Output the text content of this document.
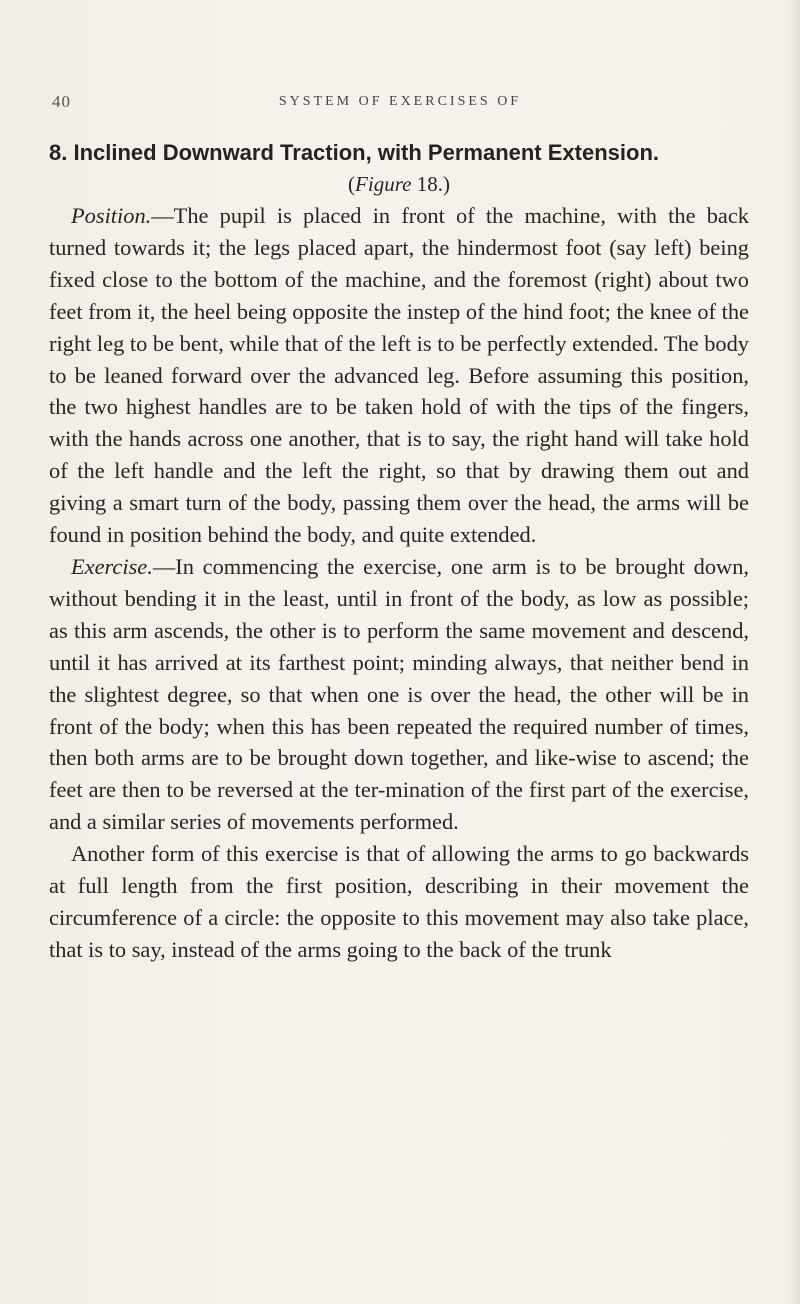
40	SYSTEM OF EXERCISES OF
8. Inclined Downward Traction, with Permanent Extension.

(Figure 18.)

Position.—The pupil is placed in front of the machine, with the back turned towards it; the legs placed apart, the hindermost foot (say left) being fixed close to the bottom of the machine, and the foremost (right) about two feet from it, the heel being opposite the instep of the hind foot; the knee of the right leg to be bent, while that of the left is to be perfectly extended. The body to be leaned forward over the advanced leg. Before assuming this position, the two highest handles are to be taken hold of with the tips of the fingers, with the hands across one another, that is to say, the right hand will take hold of the left handle and the left the right, so that by drawing them out and giving a smart turn of the body, passing them over the head, the arms will be found in position behind the body, and quite extended.

Exercise.—In commencing the exercise, one arm is to be brought down, without bending it in the least, until in front of the body, as low as possible; as this arm ascends, the other is to perform the same movement and descend, until it has arrived at its farthest point; minding always, that neither bend in the slightest degree, so that when one is over the head, the other will be in front of the body; when this has been repeated the required number of times, then both arms are to be brought down together, and like-wise to ascend; the feet are then to be reversed at the ter-mination of the first part of the exercise, and a similar series of movements performed.

Another form of this exercise is that of allowing the arms to go backwards at full length from the first position, describing in their movement the circumference of a circle: the opposite to this movement may also take place, that is to say, instead of the arms going to the back of the trunk
